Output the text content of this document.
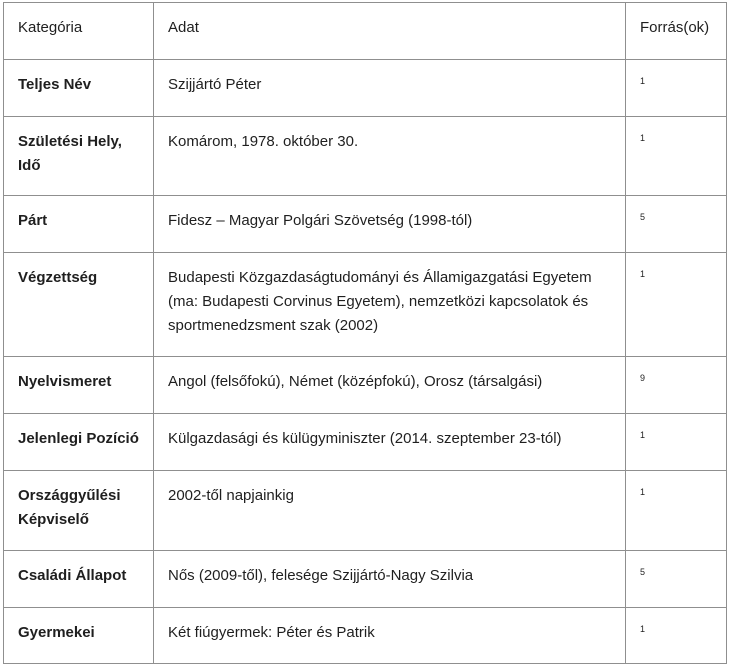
Kategória	Adat	Forrás(ok)
Teljes Név	Szijjártó Péter	1
Születési Hely, Idő	Komárom, 1978. október 30.	1
Párt	Fidesz – Magyar Polgári Szövetség (1998-tól)	5
Végzettség	Budapesti Közgazdaságtudományi és Államigazgatási Egyetem (ma: Budapesti Corvinus Egyetem), nemzetközi kapcsolatok és sportmenedzsment szak (2002)	1
Nyelvismeret	Angol (felsőfokú), Német (középfokú), Orosz (társalgási)	9
Jelenlegi Pozíció	Külgazdasági és külügyminiszter (2014. szeptember 23-tól)	1
Országgyűlési Képviselő	2002-től napjainkig	1
Családi Állapot	Nős (2009-től), felesége Szijjártó-Nagy Szilvia	5
Gyermekei	Két fiúgyermek: Péter és Patrik	1
